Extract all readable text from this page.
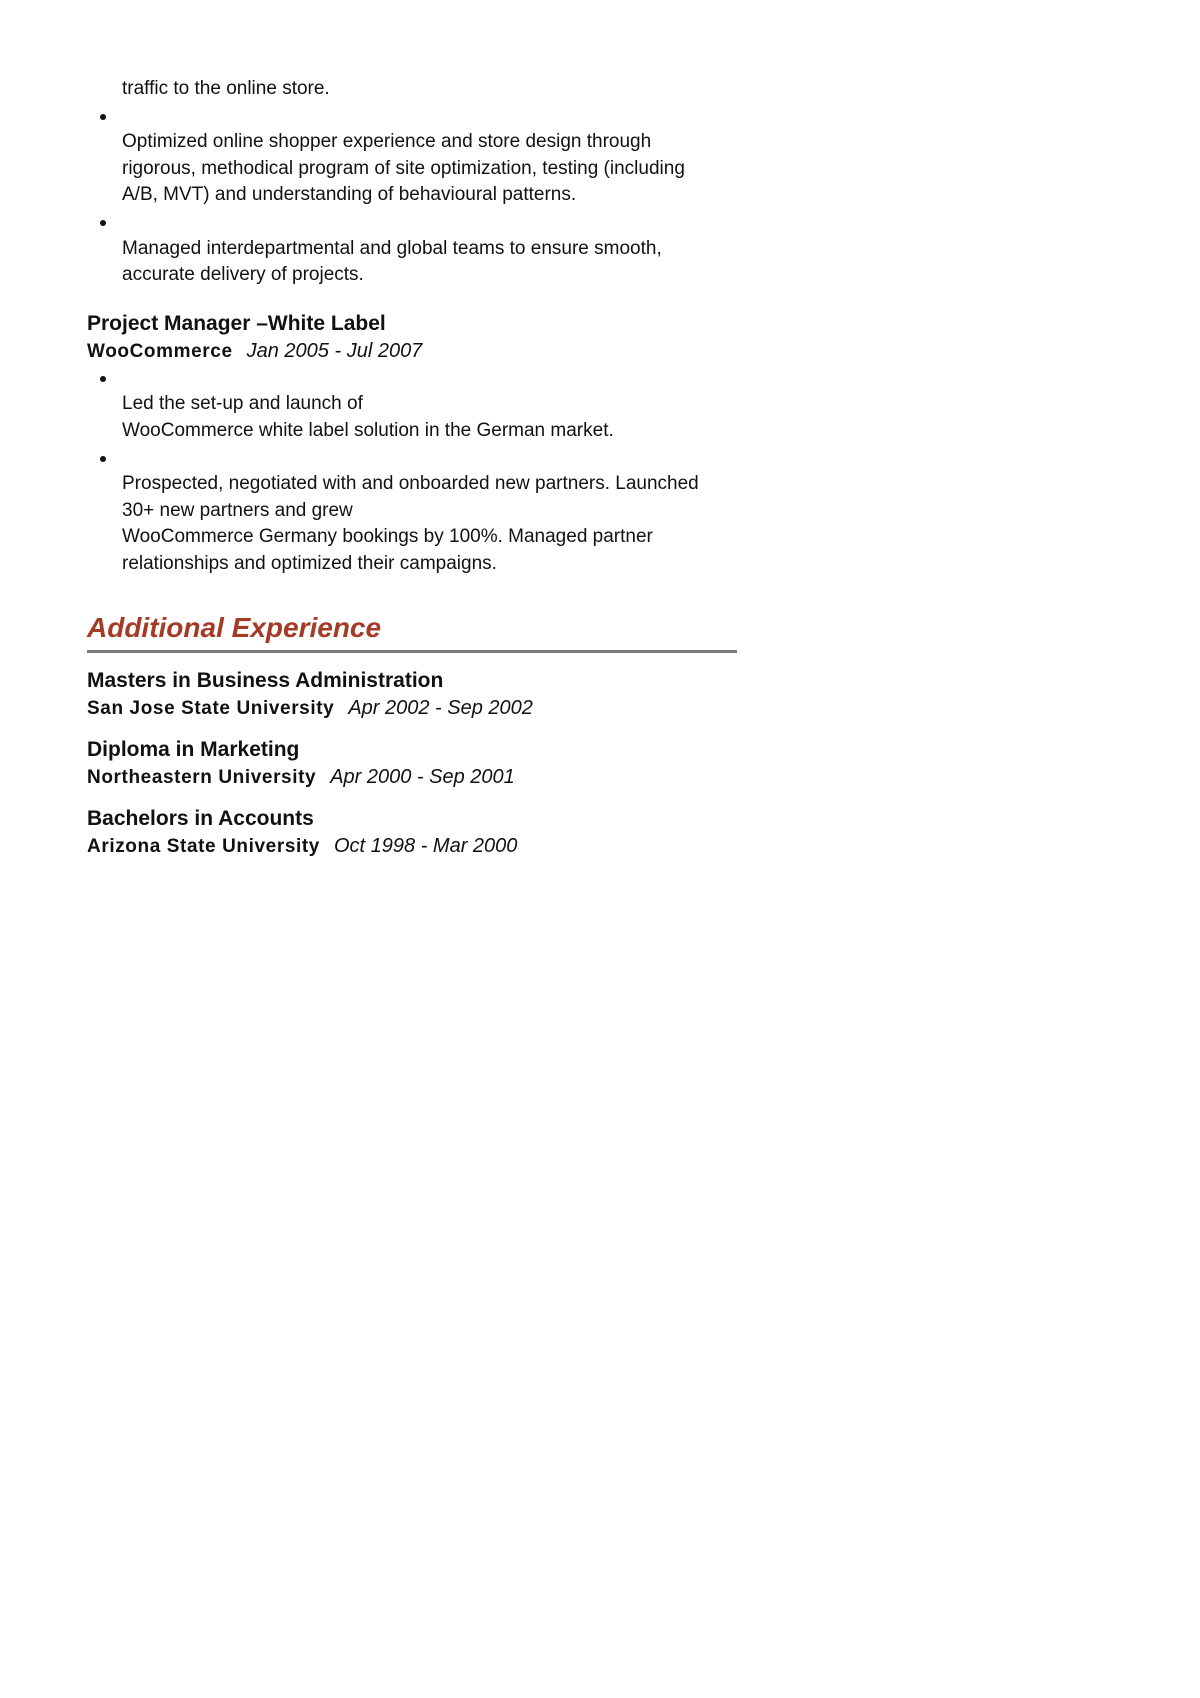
traffic to the online store.

Optimized online shopper experience and store design through
rigorous, methodical program of site optimization, testing (including
A/B, MVT) and understanding of behavioural patterns.

Managed interdepartmental and global teams to ensure smooth,
accurate delivery of projects.

Project Manager –White Label
WooCommerce Jan 2005 - Jul 2007

Led the set-up and launch of
WooCommerce white label solution in the German market.

Prospected, negotiated with and onboarded new partners. Launched
30+ new partners and grew
WooCommerce Germany bookings by 100%. Managed partner
relationships and optimized their campaigns.

Additional Experience
Masters in Business Administration
San Jose State University Apr 2002 - Sep 2002
Diploma in Marketing
Northeastern University Apr 2000 - Sep 2001
Bachelors in Accounts
Arizona State University Oct 1998 - Mar 2000
